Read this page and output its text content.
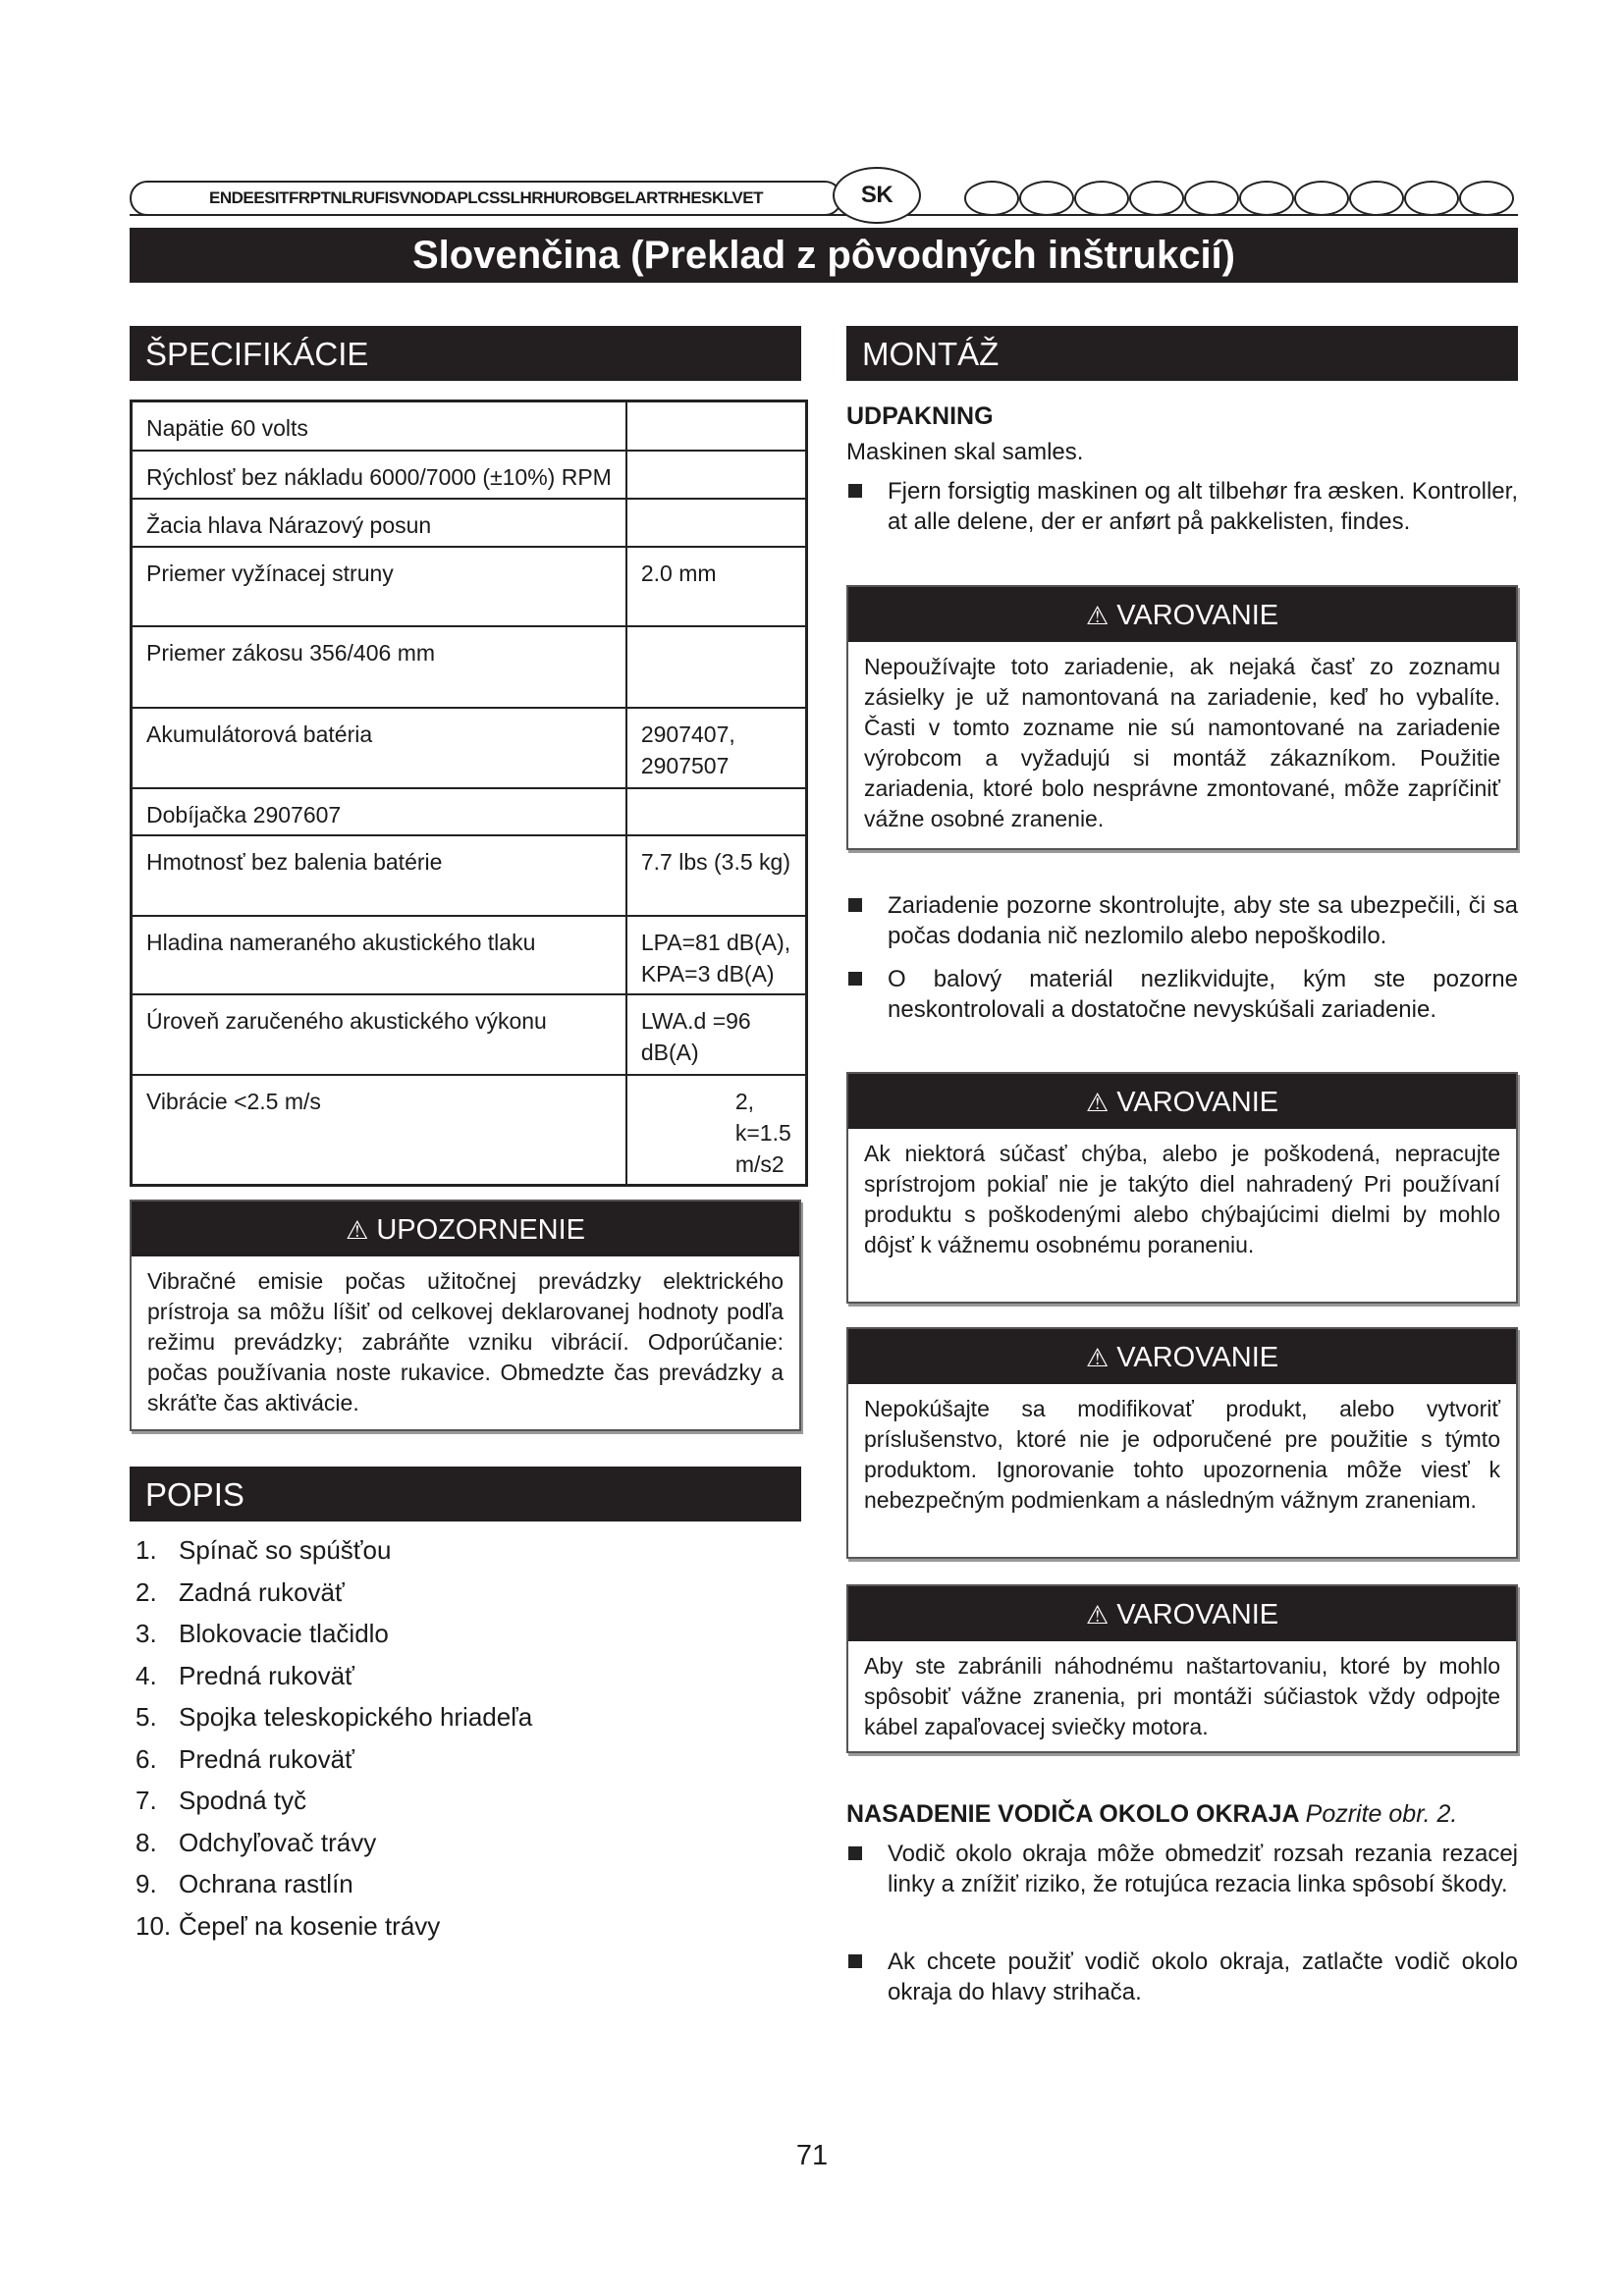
ENDEESITFRPTNLRUFISVNODAPLCSSLHRHUROBGELARTRHESKLVET	SK
Slovenčina (Preklad z pôvodných inštrukcií)
ŠPECIFIKÁCIE
Napätie 60 volts	
Rýchlosť bez nákladu 6000/7000 (±10%) RPM	
Žacia hlava Nárazový posun	
Priemer vyžínacej struny	2.0 mm
Priemer zákosu 356/406 mm	
Akumulátorová batéria	2907407, 2907507
Dobíjačka 2907607	
Hmotnosť bez balenia batérie	7.7 lbs (3.5 kg)
Hladina nameraného akustického tlaku	LPA=81 dB(A), KPA=3 dB(A)
Úroveň zaručeného akustického výkonu	LWA.d =96 dB(A)
Vibrácie <2.5 m/s	2, k=1.5 m/s2
⚠ UPOZORNENIE
Vibračné emisie počas užitočnej prevádzky elektrického prístroja sa môžu líšiť od celkovej deklarovanej hodnoty podľa režimu prevádzky; zabráňte vzniku vibrácií. Odporúčanie: počas používania noste rukavice. Obmedzte čas prevádzky a skráťte čas aktivácie.
POPIS
1. Spínač so spúšťou
2. Zadná rukoväť
3. Blokovacie tlačidlo
4. Predná rukoväť
5. Spojka teleskopického hriadeľa
6. Predná rukoväť
7. Spodná tyč
8. Odchyľovač trávy
9. Ochrana rastlín
10. Čepeľ na kosenie trávy
MONTÁŽ
UDPAKNING
Maskinen skal samles.
Fjern forsigtig maskinen og alt tilbehør fra æsken. Kontroller, at alle delene, der er anført på pakkelisten, findes.
⚠ VAROVANIE
Nepoužívajte toto zariadenie, ak nejaká časť zo zoznamu zásielky je už namontovaná na zariadenie, keď ho vybalíte. Časti v tomto zozname nie sú namontované na zariadenie výrobcom a vyžadujú si montáž zákazníkom. Použitie zariadenia, ktoré bolo nesprávne zmontované, môže zapríčiniť vážne osobné zranenie.
Zariadenie pozorne skontrolujte, aby ste sa ubezpečili, či sa počas dodania nič nezlomilo alebo nepoškodilo.
O balový materiál nezlikvidujte, kým ste pozorne neskontrolovali a dostatočne nevyskúšali zariadenie.
⚠ VAROVANIE
Ak niektorá súčasť chýba, alebo je poškodená, nepracujte sprístrojom pokiaľ nie je takýto diel nahradený Pri používaní produktu s poškodenými alebo chýbajúcimi dielmi by mohlo dôjsť k vážnemu osobnému poraneniu.
⚠ VAROVANIE
Nepokúšajte sa modifikovať produkt, alebo vytvoriť príslušenstvo, ktoré nie je odporučené pre použitie s týmto produktom. Ignorovanie tohto upozornenia môže viesť k nebezpečným podmienkam a následným vážnym zraneniam.
⚠ VAROVANIE
Aby ste zabránili náhodnému naštartovaniu, ktoré by mohlo spôsobiť vážne zranenia, pri montáži súčiastok vždy odpojte kábel zapaľovacej sviečky motora.
NASADENIE VODIČA OKOLO OKRAJA Pozrite obr. 2.
Vodič okolo okraja môže obmedziť rozsah rezania rezacej linky a znížiť riziko, že rotujúca rezacia linka spôsobí škody.
Ak chcete použiť vodič okolo okraja, zatlačte vodič okolo okraja do hlavy strihača.
71
